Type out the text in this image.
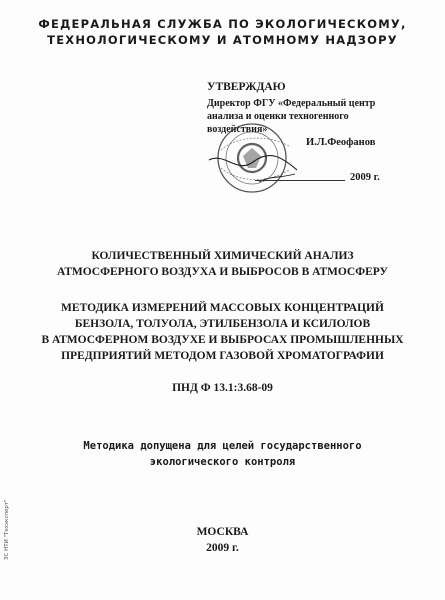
ФЕДЕРАЛЬНАЯ СЛУЖБА ПО ЭКОЛОГИЧЕСКОМУ,
ТЕХНОЛОГИЧЕСКОМУ И АТОМНОМУ НАДЗОРУ
УТВЕРЖДАЮ
Директор ФГУ «Федеральный центр
анализа и оценки техногенного
воздействия»
И.Л.Феофанов
2009 г.
КОЛИЧЕСТВЕННЫЙ ХИМИЧЕСКИЙ АНАЛИЗ
АТМОСФЕРНОГО ВОЗДУХА И ВЫБРОСОВ В АТМОСФЕРУ
МЕТОДИКА ИЗМЕРЕНИЙ МАССОВЫХ КОНЦЕНТРАЦИЙ
БЕНЗОЛА, ТОЛУОЛА, ЭТИЛБЕНЗОЛА И КСИЛОЛОВ
В АТМОСФЕРНОМ ВОЗДУХЕ И ВЫБРОСАХ ПРОМЫШЛЕННЫХ
ПРЕДПРИЯТИЙ МЕТОДОМ ГАЗОВОЙ ХРОМАТОГРАФИИ
ПНД Ф 13.1:3.68-09
Методика допущена для целей государственного
экологического контроля
МОСКВА
2009 г.
ЗС НТИ "Техэксперт"
